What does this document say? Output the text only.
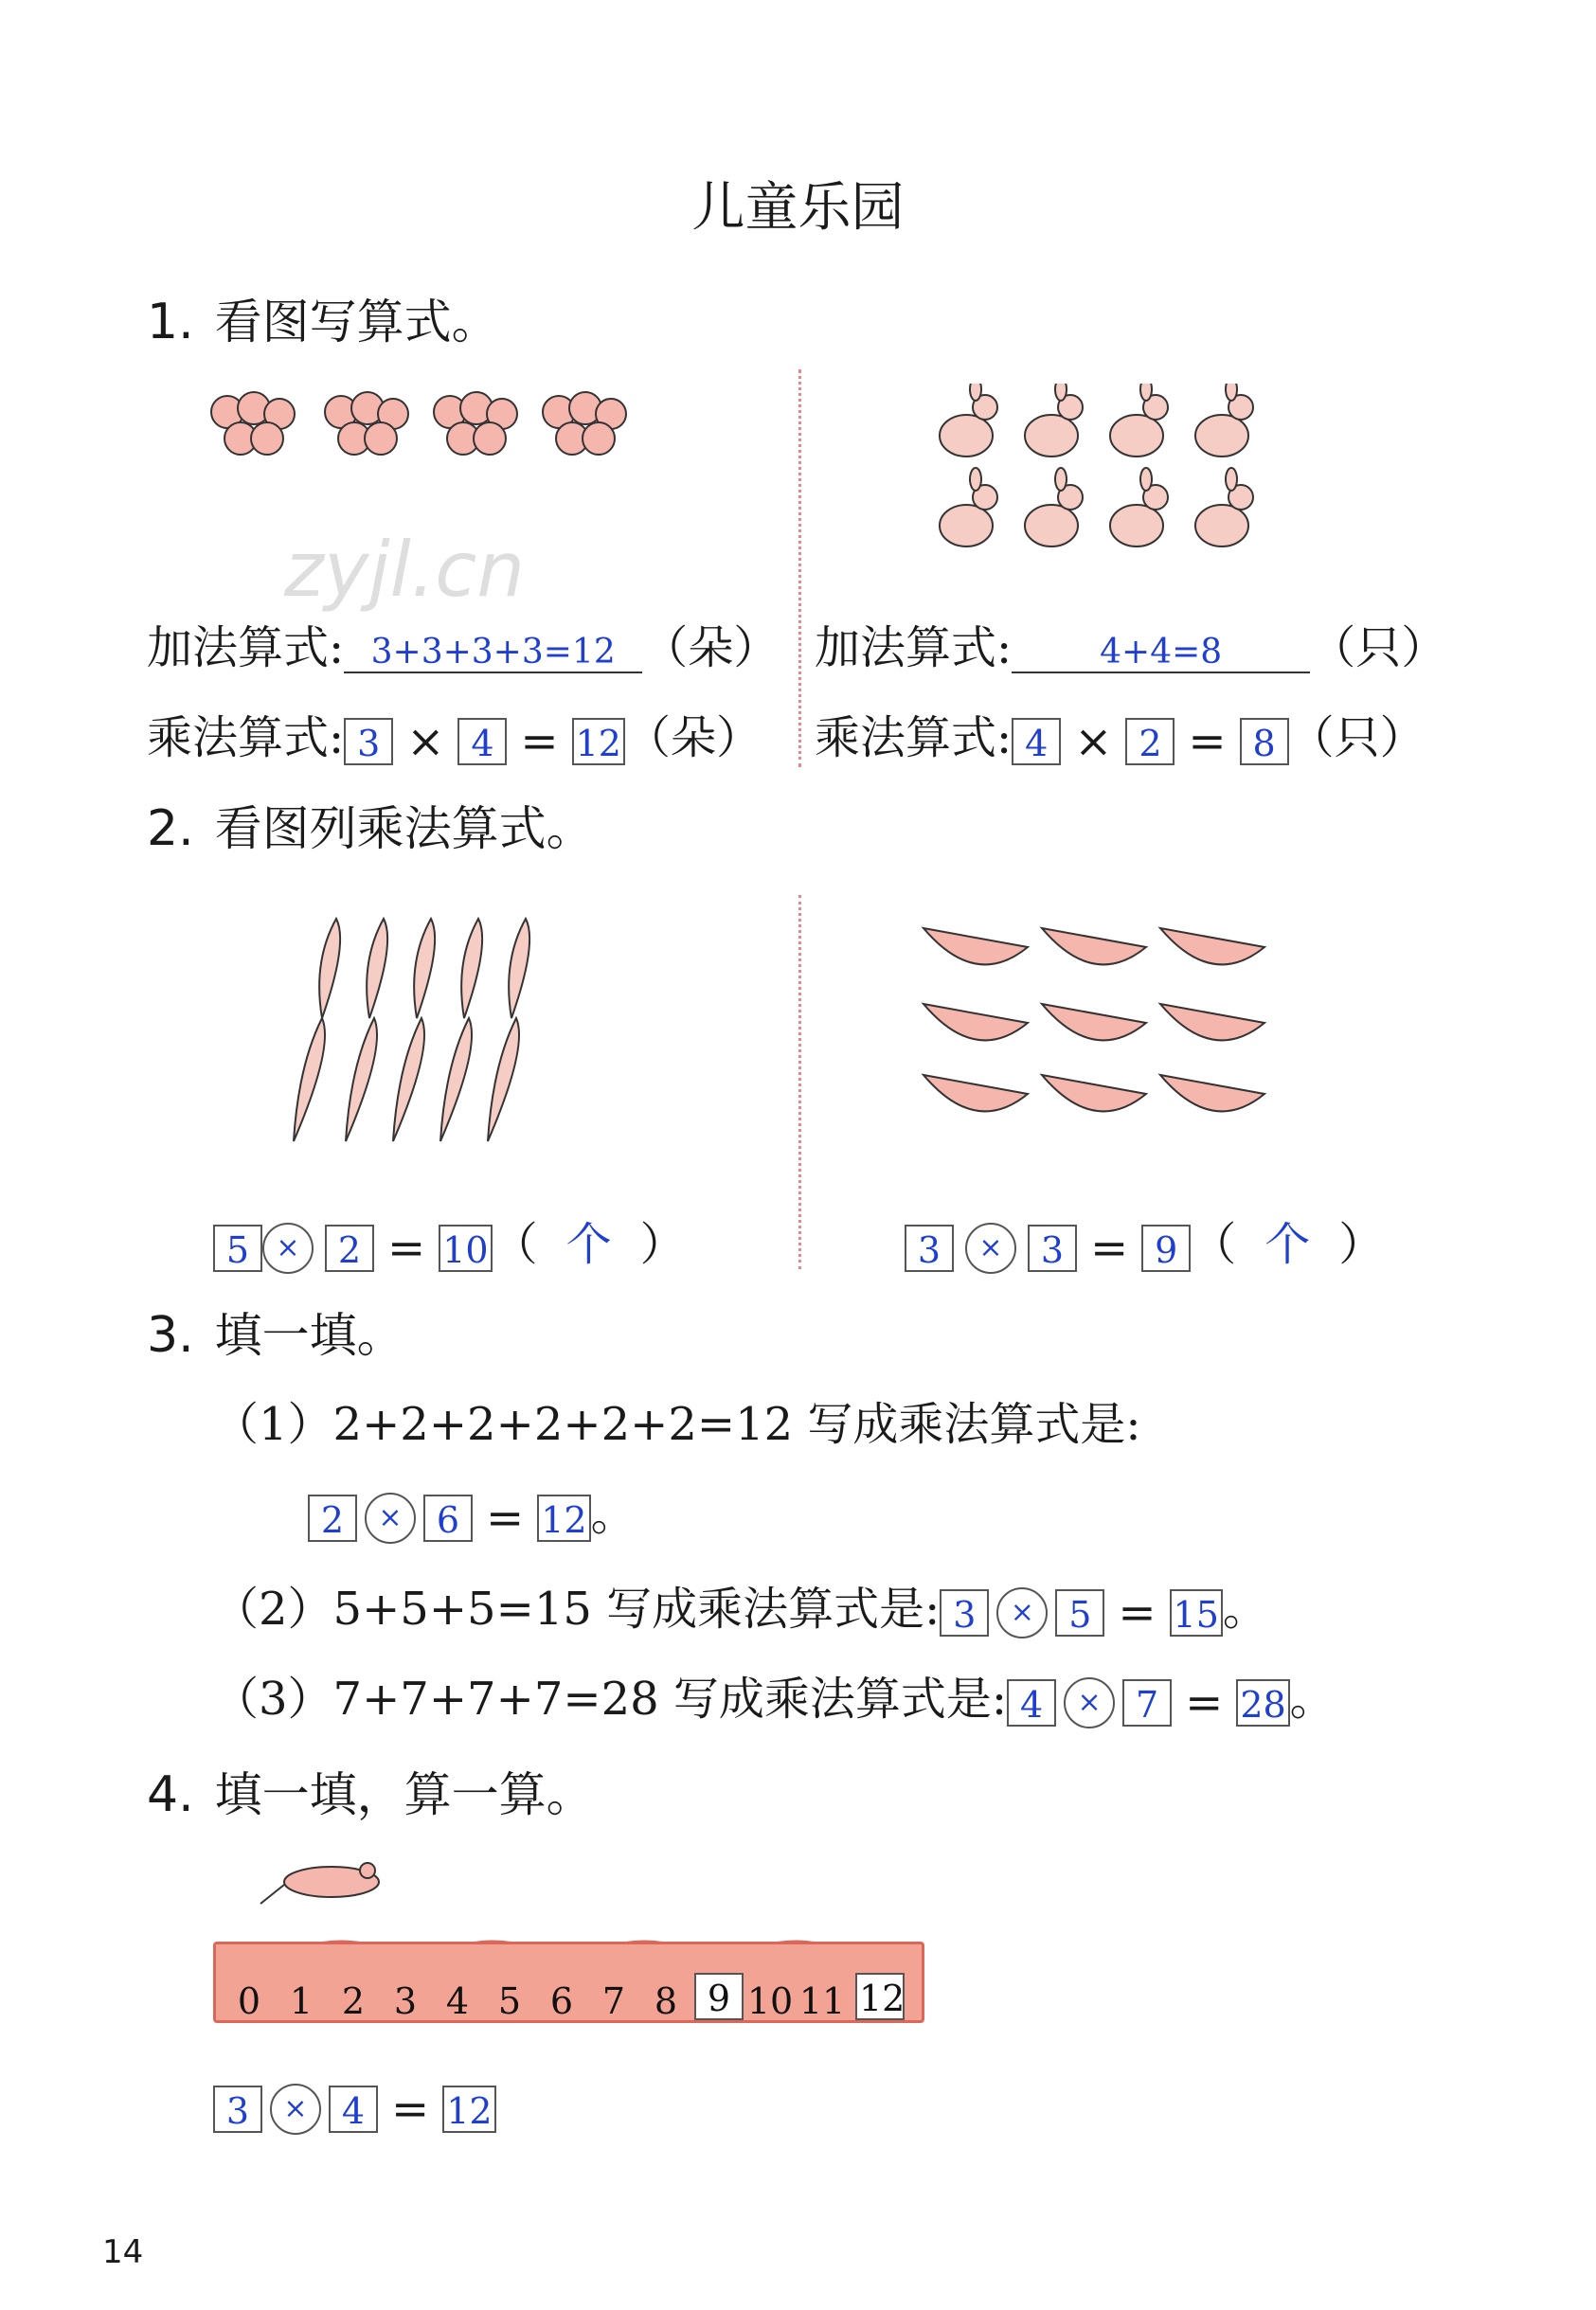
儿童乐园
zyjl.cn
1. 看图写算式。
加法算式: 3+3+3+3=12 （朵）
乘法算式: 3 × 4 = 12（朵）
加法算式:	4+4=8 （只）
乘法算式: 4 × 2 = 8 （只）
2. 看图列乘法算式。
5 × 2 = 10（ 个 ）	3 × 3 = 9 （ 个 ）
3. 填一填。
（1）2+2+2+2+2+2=12 写成乘法算式是:
2 × 6 = 12。
（2）5+5+5=15 写成乘法算式是: 3 × 5 = 15。
（3）7+7+7+7=28 写成乘法算式是: 4 × 7 = 28。
4. 填一填，算一算。
0 1 2 3 4 5 6 7 8 9 10 11 12
3 × 4 = 12
14
